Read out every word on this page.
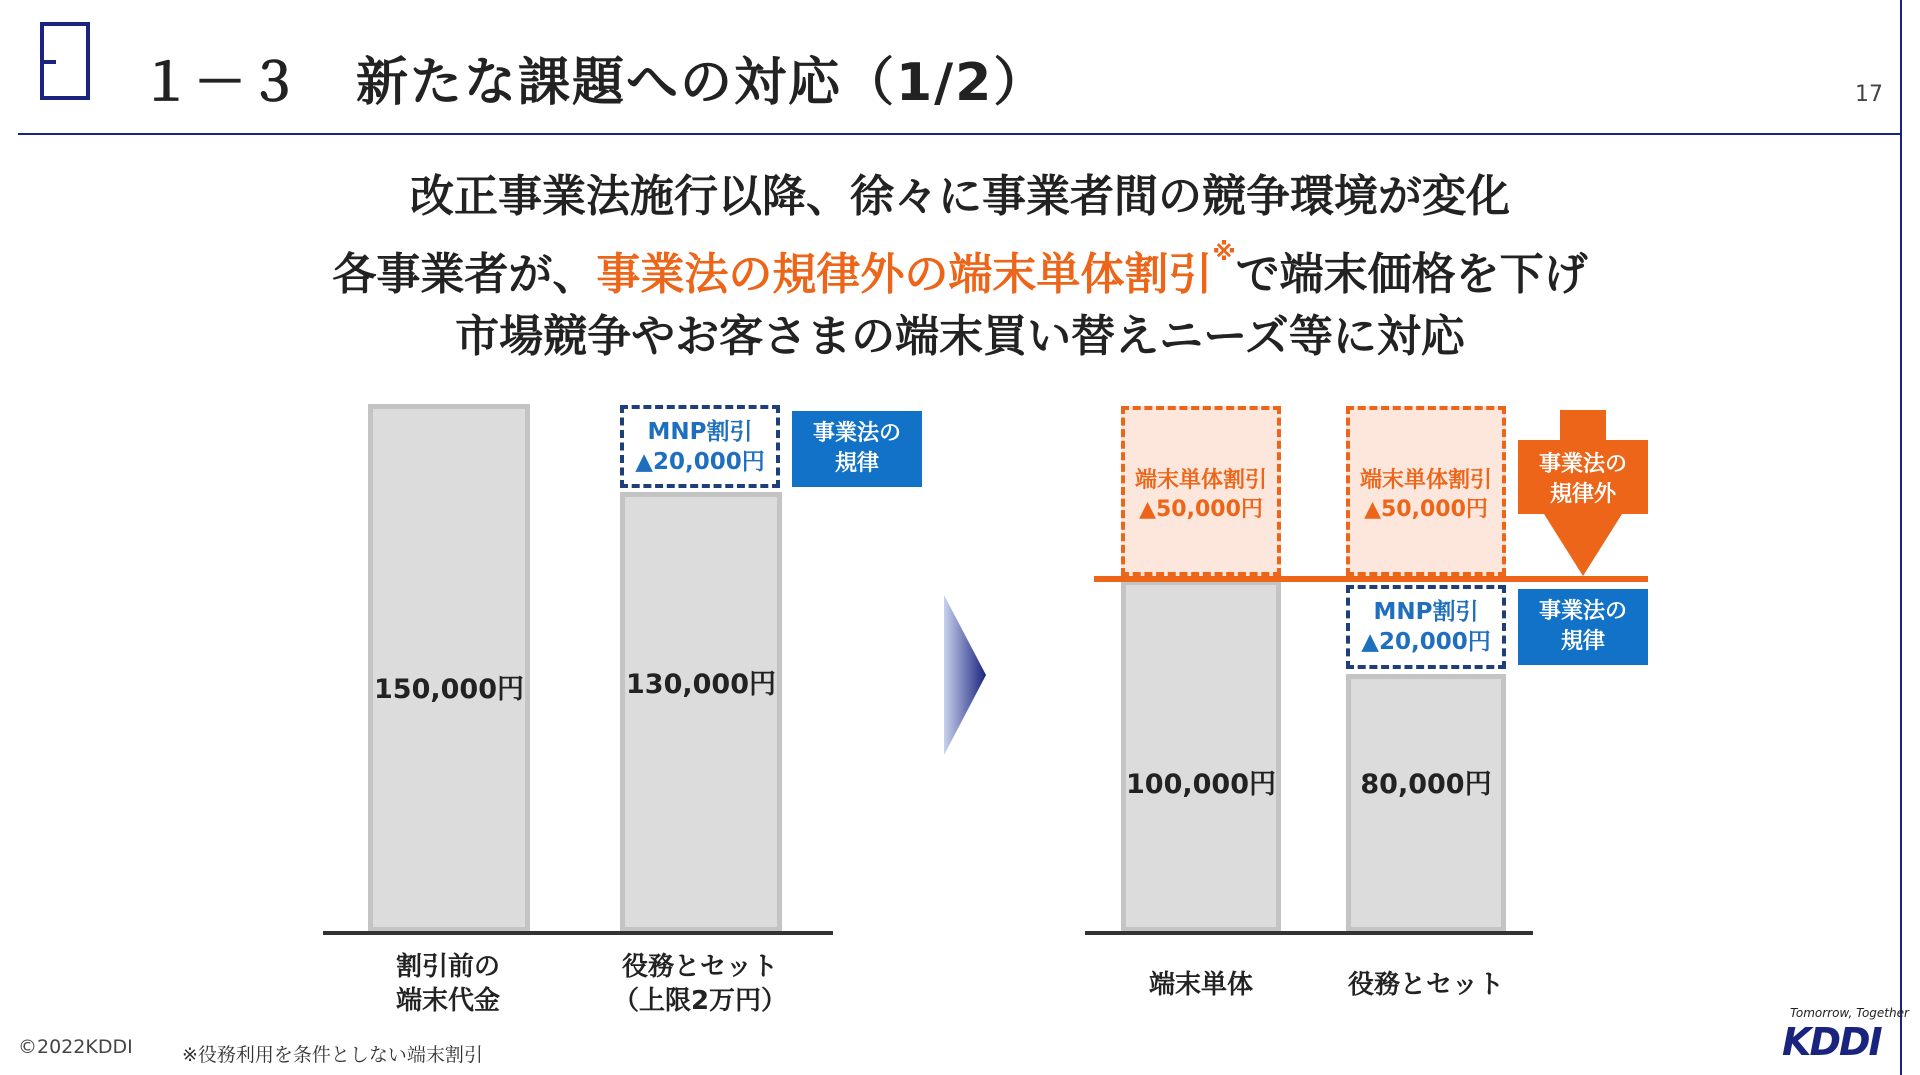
１－３　新たな課題への対応（1/2）	17
改正事業法施行以降、徐々に事業者間の競争環境が変化
各事業者が、事業法の規律外の端末単体割引※で端末価格を下げ
市場競争やお客さまの端末買い替えニーズ等に対応
150,000円	130,000円
MNP割引
▲20,000円
事業法の
規律
割引前の
端末代金
役務とセット
（上限2万円）
端末単体割引
▲50,000円
端末単体割引
▲50,000円
100,000円
MNP割引
▲20,000円
80,000円
事業法の
規律外
事業法の
規律
端末単体	役務とセット
©2022KDDI	※役務利用を条件としない端末割引
Tomorrow, Together
KDDI
